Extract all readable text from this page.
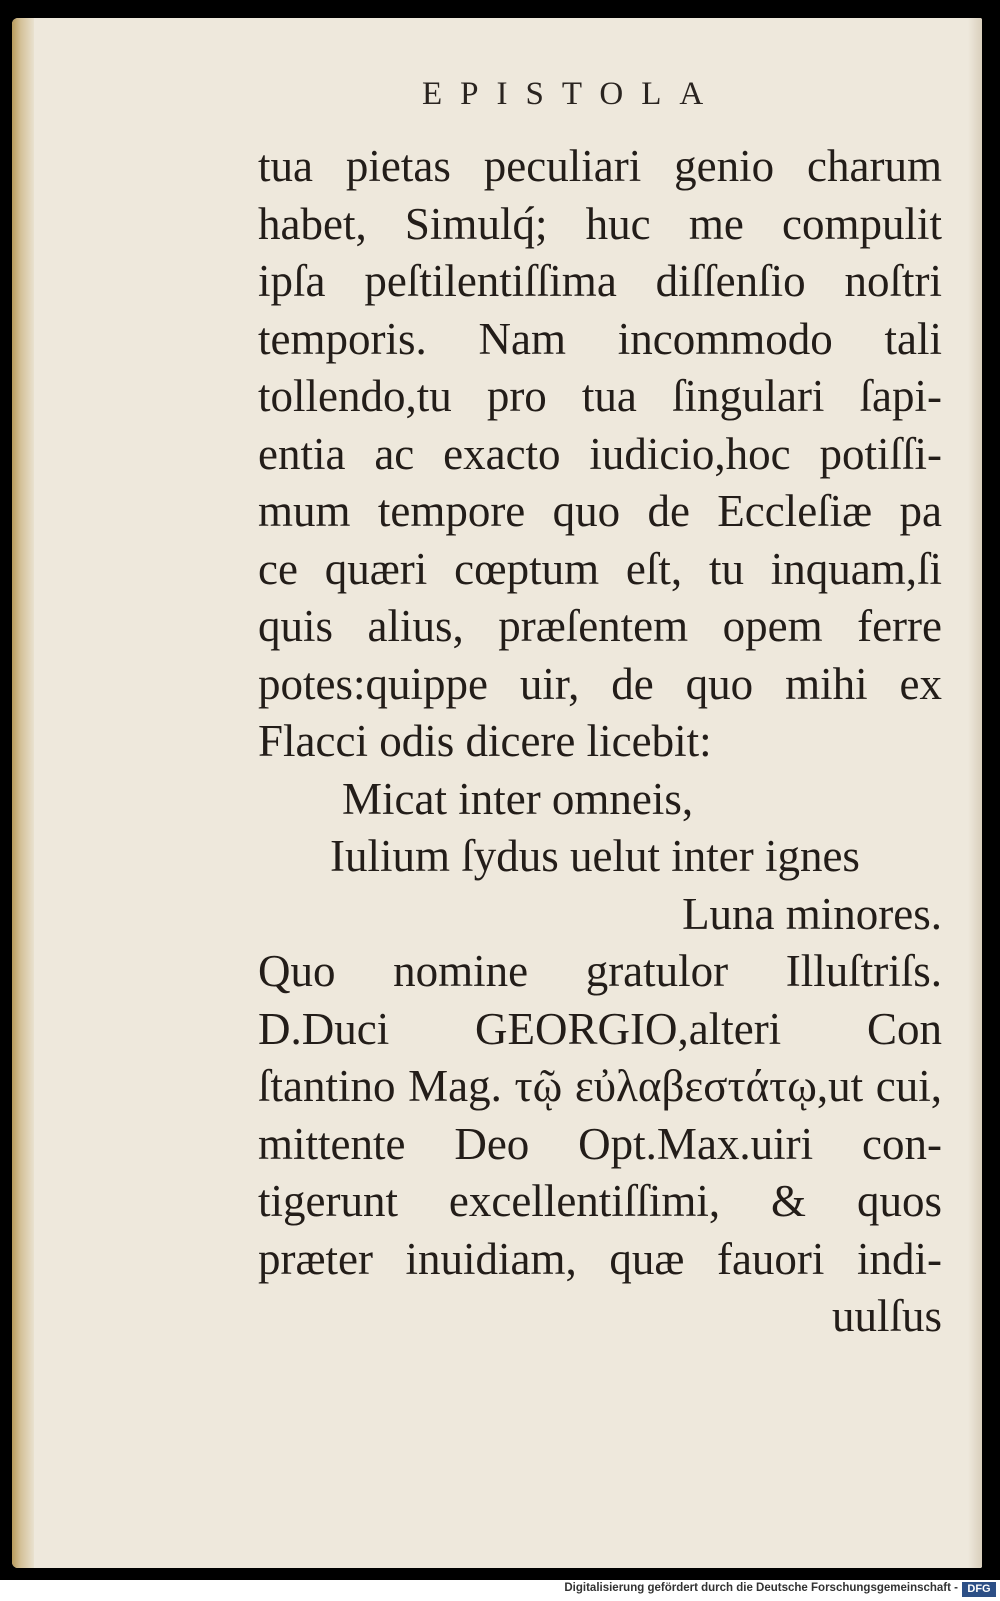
EPISTOLA
tua pietas peculiari genio charum
habet, Simulq́; huc me compulit
ipſa peſtilentiſſima diſſenſio noſtri
temporis. Nam incommodo tali
tollendo,tu pro tua ſingulari ſapi-
entia ac exacto iudicio,hoc potiſſi-
mum tempore quo de Eccleſiæ pa
ce quæri cœptum eſt, tu inquam,ſi
quis alius, præſentem opem ferre
potes:quippe uir, de quo mihi ex
Flacci odis dicere licebit:
Micat inter omneis,
Iulium ſydus uelut inter ignes
Luna minores.
Quo nomine gratulor Illuſtriſs.
D.Duci GEORGIO,alteri Con
ſtantino Mag. τῷ εὐλαβεστάτῳ,ut cui,
mittente Deo Opt.Max.uiri con-
tigerunt excellentiſſimi, & quos
præter inuidiam, quæ fauori indi-
uulſus
Digitalisierung gefördert durch die Deutsche Forschungsgemeinschaft - DFG
